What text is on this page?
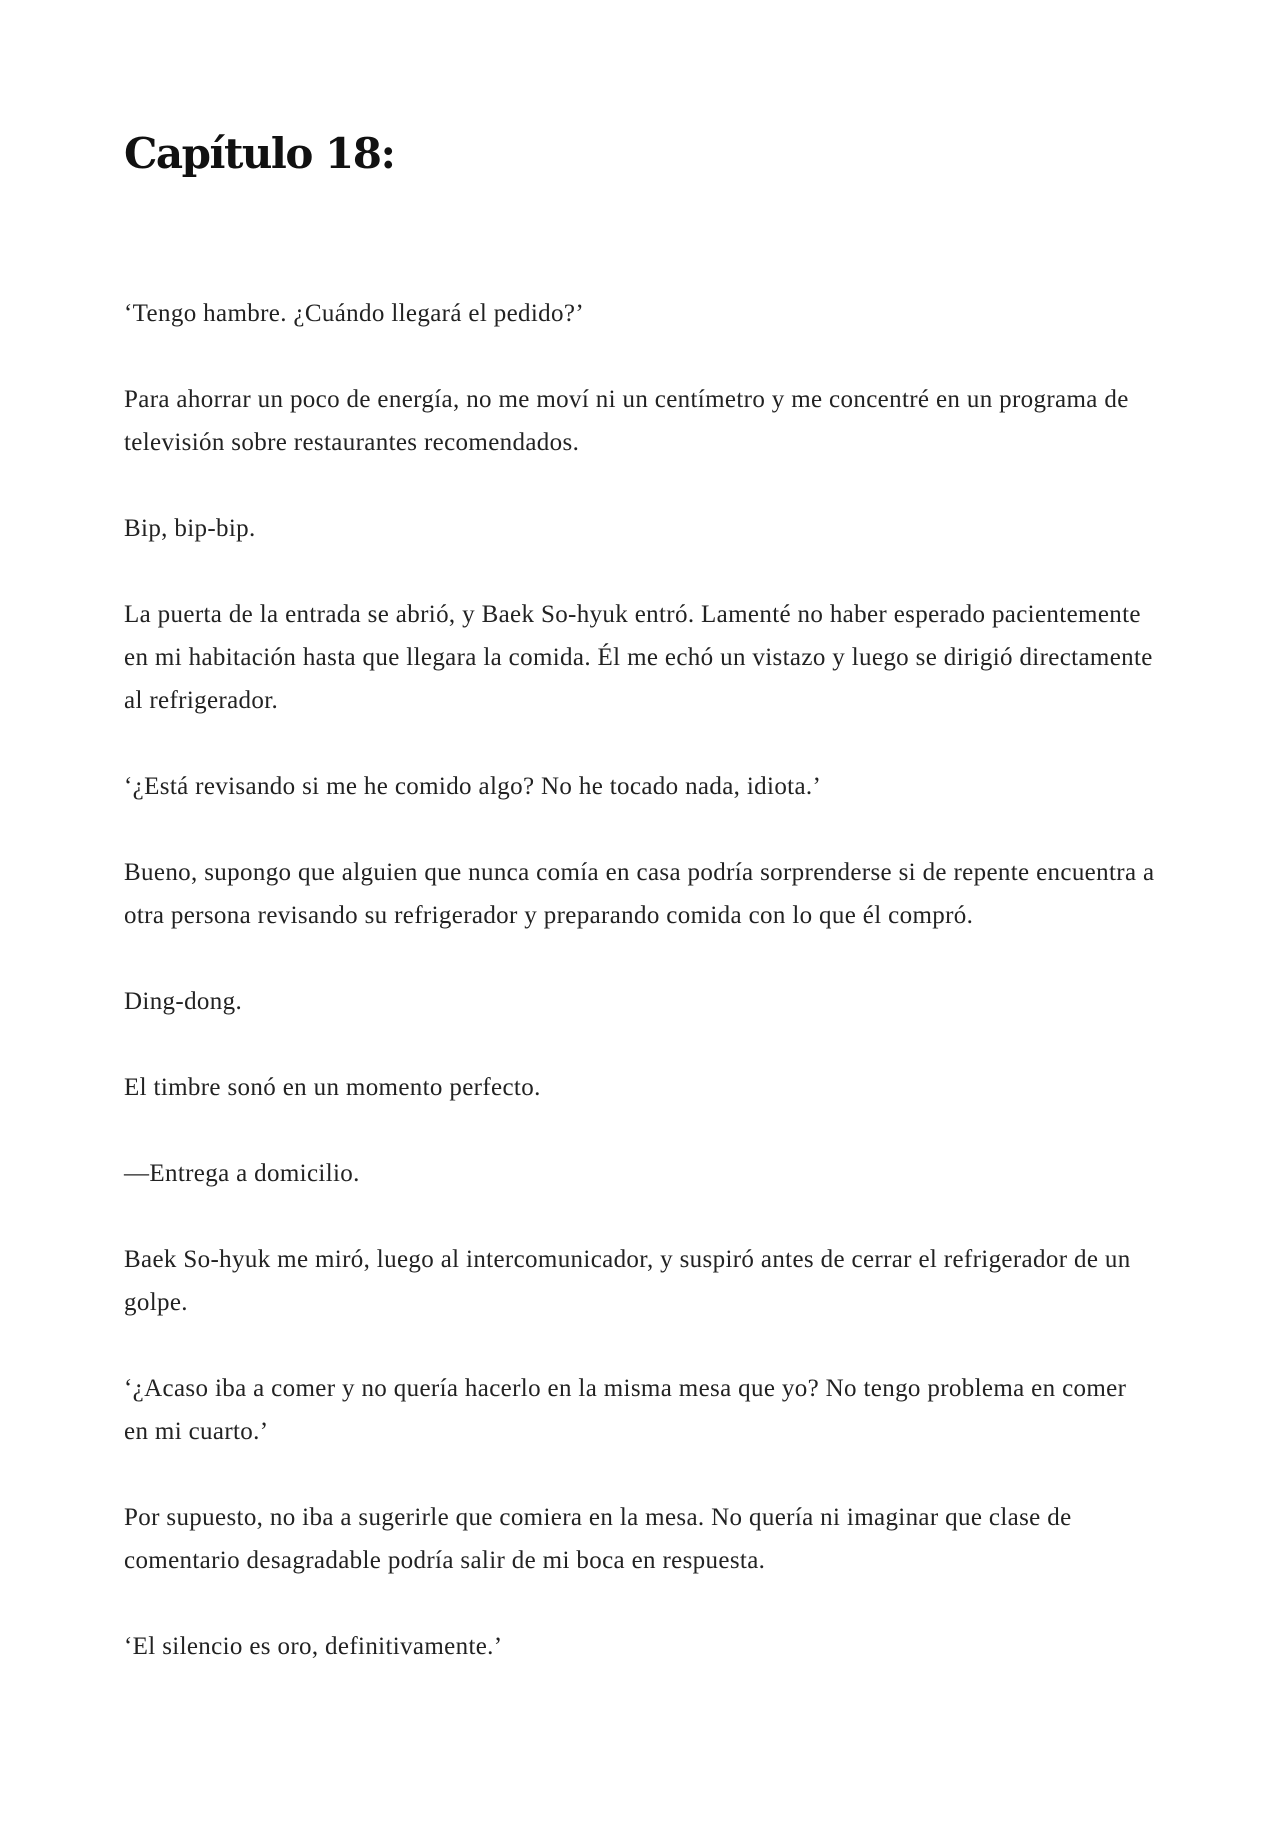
Capítulo 18:

‘Tengo hambre. ¿Cuándo llegará el pedido?’

Para ahorrar un poco de energía, no me moví ni un centímetro y me concentré en un programa de televisión sobre restaurantes recomendados.

Bip, bip-bip.

La puerta de la entrada se abrió, y Baek So-hyuk entró. Lamenté no haber esperado pacientemente en mi habitación hasta que llegara la comida. Él me echó un vistazo y luego se dirigió directamente al refrigerador.

‘¿Está revisando si me he comido algo? No he tocado nada, idiota.’

Bueno, supongo que alguien que nunca comía en casa podría sorprenderse si de repente encuentra a otra persona revisando su refrigerador y preparando comida con lo que él compró.

Ding-dong.

El timbre sonó en un momento perfecto.

—Entrega a domicilio.

Baek So-hyuk me miró, luego al intercomunicador, y suspiró antes de cerrar el refrigerador de un golpe.

‘¿Acaso iba a comer y no quería hacerlo en la misma mesa que yo? No tengo problema en comer en mi cuarto.’

Por supuesto, no iba a sugerirle que comiera en la mesa. No quería ni imaginar que clase de comentario desagradable podría salir de mi boca en respuesta.

‘El silencio es oro, definitivamente.’
